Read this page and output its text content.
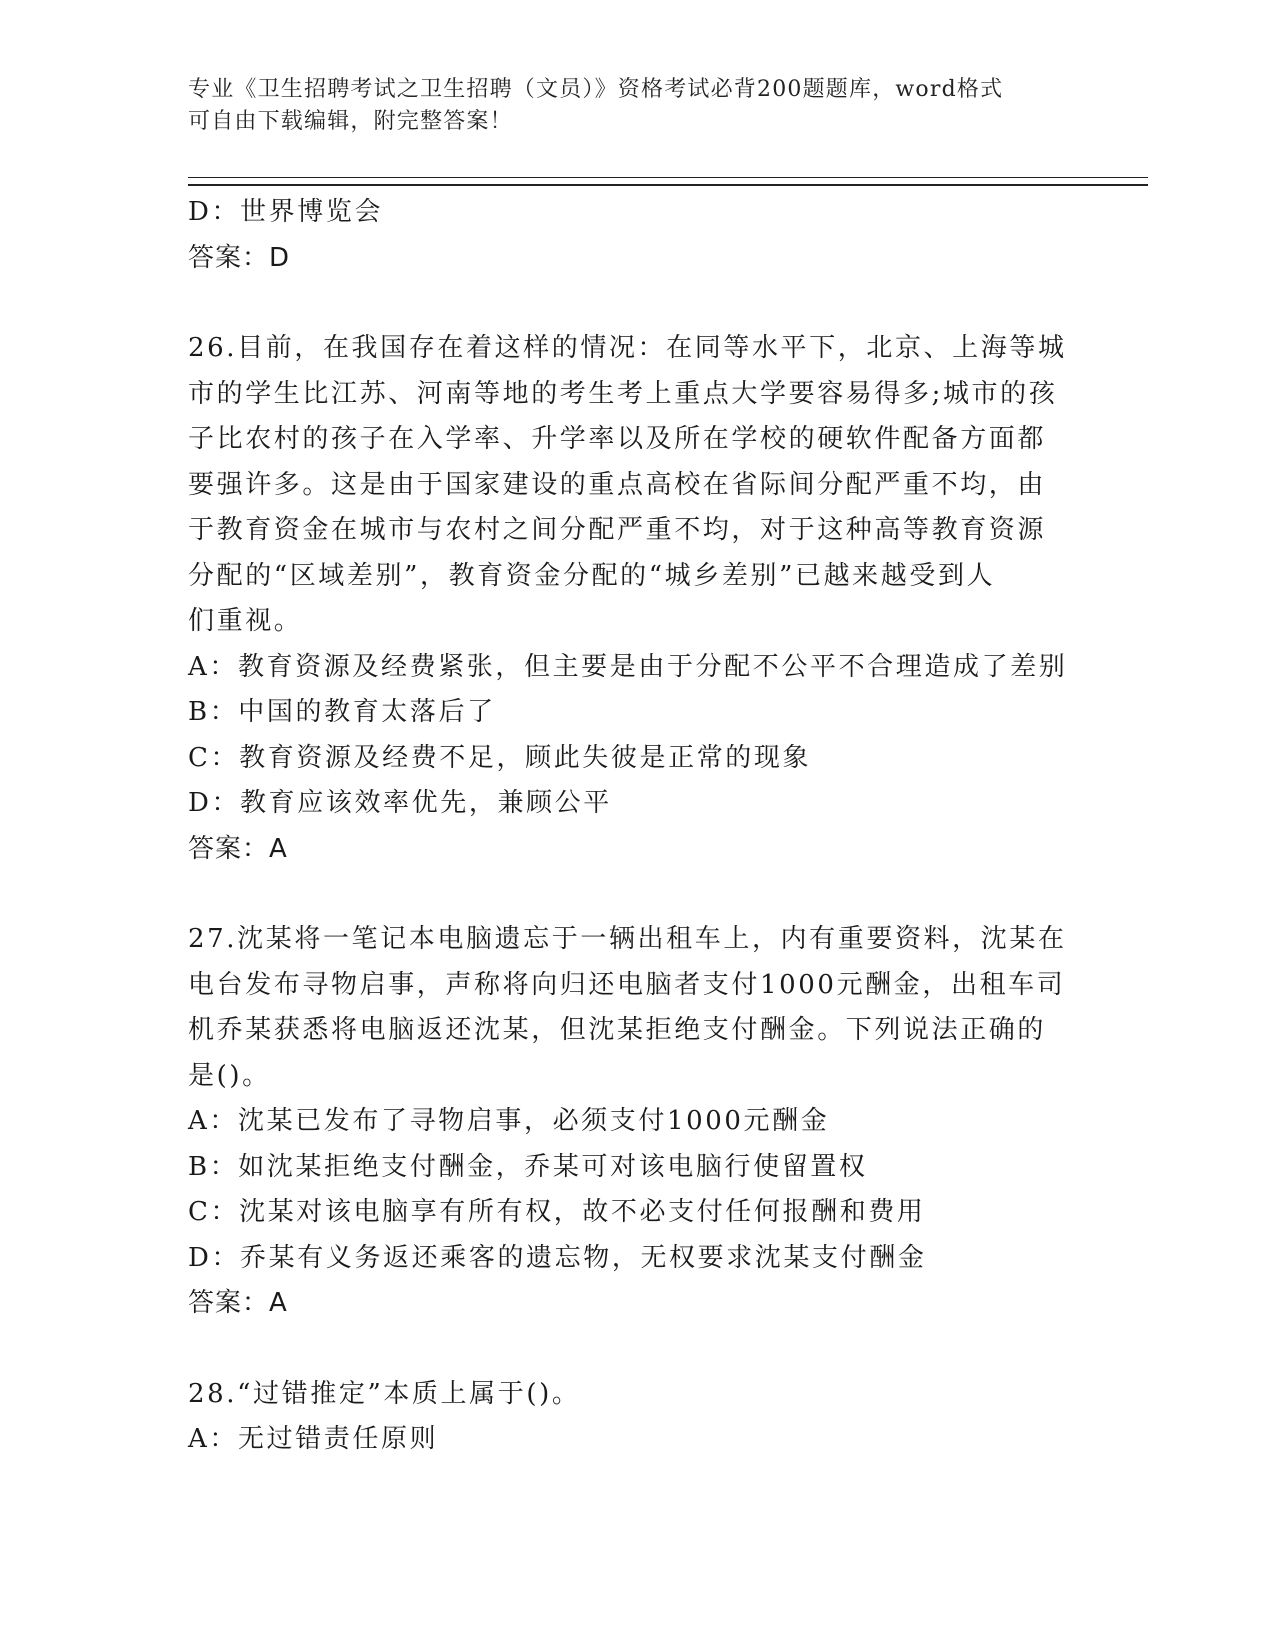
专业《卫生招聘考试之卫生招聘（文员）》资格考试必背200题题库，word格式
可自由下载编辑，附完整答案！

D：世界博览会

答案：D

26.目前，在我国存在着这样的情况：在同等水平下，北京、上海等城

市的学生比江苏、河南等地的考生考上重点大学要容易得多;城市的孩

子比农村的孩子在入学率、升学率以及所在学校的硬软件配备方面都

要强许多。这是由于国家建设的重点高校在省际间分配严重不均，由

于教育资金在城市与农村之间分配严重不均，对于这种高等教育资源

分配的“区域差别”，教育资金分配的“城乡差别”已越来越受到人

们重视。

A：教育资源及经费紧张，但主要是由于分配不公平不合理造成了差别

B：中国的教育太落后了

C：教育资源及经费不足，顾此失彼是正常的现象

D：教育应该效率优先，兼顾公平

答案：A

27.沈某将一笔记本电脑遗忘于一辆出租车上，内有重要资料，沈某在

电台发布寻物启事，声称将向归还电脑者支付1000元酬金，出租车司

机乔某获悉将电脑返还沈某，但沈某拒绝支付酬金。下列说法正确的

是()。

A：沈某已发布了寻物启事，必须支付1000元酬金

B：如沈某拒绝支付酬金，乔某可对该电脑行使留置权

C：沈某对该电脑享有所有权，故不必支付任何报酬和费用

D：乔某有义务返还乘客的遗忘物，无权要求沈某支付酬金

答案：A

28.“过错推定”本质上属于()。

A：无过错责任原则
